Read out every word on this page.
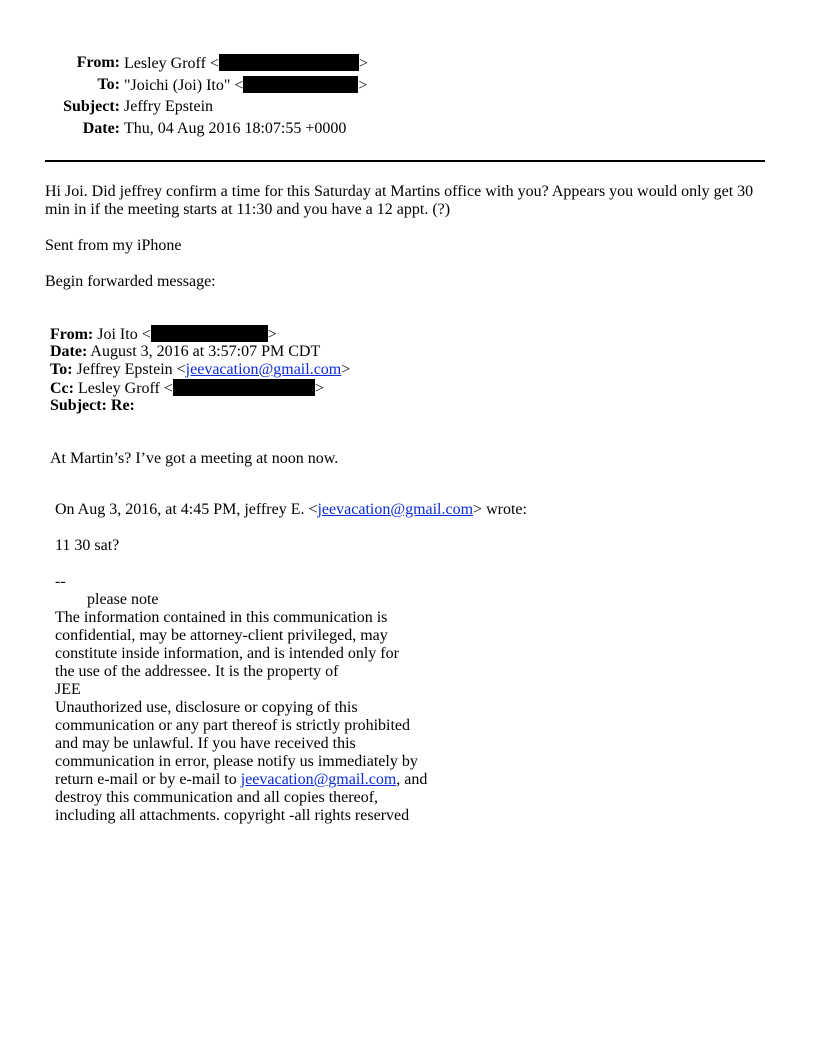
From: Lesley Groff <	>
To: "Joichi (Joi) Ito" <	>
Subject: Jeffry Epstein
Date: Thu, 04 Aug 2016 18:07:55 +0000
Hi Joi. Did jeffrey confirm a time for this Saturday at Martins office with you? Appears you would only get 30
min in if the meeting starts at 11:30 and you have a 12 appt. (?)
Sent from my iPhone
Begin forwarded message:
From: Joi Ito <	>
Date: August 3, 2016 at 3:57:07 PM CDT
To: Jeffrey Epstein <jeevacation@gmail.com>
Cc: Lesley Groff <	>
Subject: Re:
At Martin’s? I’ve got a meeting at noon now.
On Aug 3, 2016, at 4:45 PM, jeffrey E. <jeevacation@gmail.com> wrote:
11 30 sat?
--
please note
The information contained in this communication is
confidential, may be attorney-client privileged, may
constitute inside information, and is intended only for
the use of the addressee. It is the property of
JEE
Unauthorized use, disclosure or copying of this
communication or any part thereof is strictly prohibited
and may be unlawful. If you have received this
communication in error, please notify us immediately by
return e-mail or by e-mail to jeevacation@gmail.com, and
destroy this communication and all copies thereof,
including all attachments. copyright -all rights reserved
